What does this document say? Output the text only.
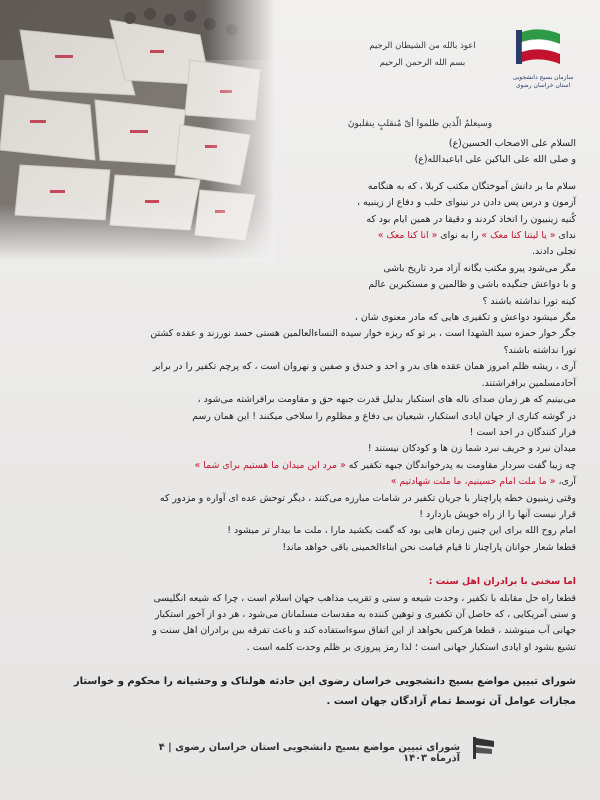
سازمان بسیج دانشجویی
استان خراسان رضوی
اعوذ بالله من الشیطان الرجیم
بسم الله الرحمن الرحیم
وسیعلمُ الّذین ظلموا أیّ مُنقلبٍ ینقلبونَ

السلام علی الاصحاب الحسین(ع)

و صلی الله علی الباکین علی اباعبدالله(ع)

سلام ما بر دانش آموختگان مکتب کربلا ، که به هنگامه

آزمون و درس پس دادن در نینوای حلب و دفاع از زینبیه ،

کُنیه زینبیون را اتخاذ کردند و دقیقا در همین ایام بود که

ندای « یا لیتنا کنا معک » را به نوای « انا کنا معک »

تجلی دادند.

مگر می‌شود پیرو مکتب یگانه آزاد مرد تاریخ باشی

و با دواعش جنگیده باشی و ظالمین و مستکبرین عالم

کینه تورا نداشته باشند ؟

مگر میشود دواعش و تکفیری هایی که مادر معنوی شان ،

جگر خوار حمزه سید الشهدا است ، بر تو که ریزه خوار سیده النساءالعالمین هستی حسد نورزند و عقده کشتن

تورا نداشته باشند؟

آری ، ریشه ظلم امروز همان عقده های بدر و احد و خندق و صفین و نهروان است ، که پرچم تکفیر را در برابر

آحادمسلمین برافراشتند.

می‌بینیم که هر زمان صدای ناله های استکبار بدلیل قدرت جبهه حق و مقاومت برافراشته می‌شود ،

در گوشه کناری از جهان ایادی استکبار، شیعیان بی دفاع و مظلوم را سلاخی میکنند ! این همان رسم

فرار کنندگان در احد است !

میدان نبرد و حریف نبرد شما زن ها و کودکان نیستند !

چه زیبا گفت سردار مقاومت به پدرخواندگان جبهه تکفیر که « مرد این میدان ما هستیم برای شما »

آری، « ما ملت امام حسینیم، ما ملت شهادتیم »

وقتی زینبیون خطه پاراچنار با جریان تکفیر در شامات مبارزه می‌کنند ، دیگر توحش عده ای آواره و مزدور که

قرار نیست آنها را از راه خویش بازدارد !

امام روح الله برای این چنین زمان هایی بود که گفت بکشید مارا ، ملت ما بیدار تر میشود !

قطعا شعار جوانان پاراچنار تا قیام قیامت نحن ابناءالخمینی باقی خواهد ماند!

اما سخنی با برادران اهل سنت :

قطعا راه حل مقابله با تکفیر ، وحدت شیعه و سنی و تقریب مذاهب جهان اسلام است ، چرا که شیعه انگلیسی

و سنی آمریکایی ، که حاصل آن تکفیری و توهین کننده به مقدسات مسلمانان می‌شود ، هر دو از آخور استکبار

جهانی آب مینوشند ، قطعا هرکس بخواهد از این اتفاق سوءاستفاده کند و باعث تفرقه بین برادران اهل سنت و

تشیع بشود او ایادی استکبار جهانی است ؛ لذا رمز پیروزی بر ظلم وحدت کلمه است .

شورای تبیین مواضع بسیج دانشجویی خراسان رضوی این حادثه هولناک و وحشیانه را محکوم و خواستار

مجازات عوامل آن توسط تمام آزادگان جهان است .

شورای تبیین مواضع بسیج دانشجویی استان خراسان رضوی | ۴ آذرماه ۱۴۰۳
